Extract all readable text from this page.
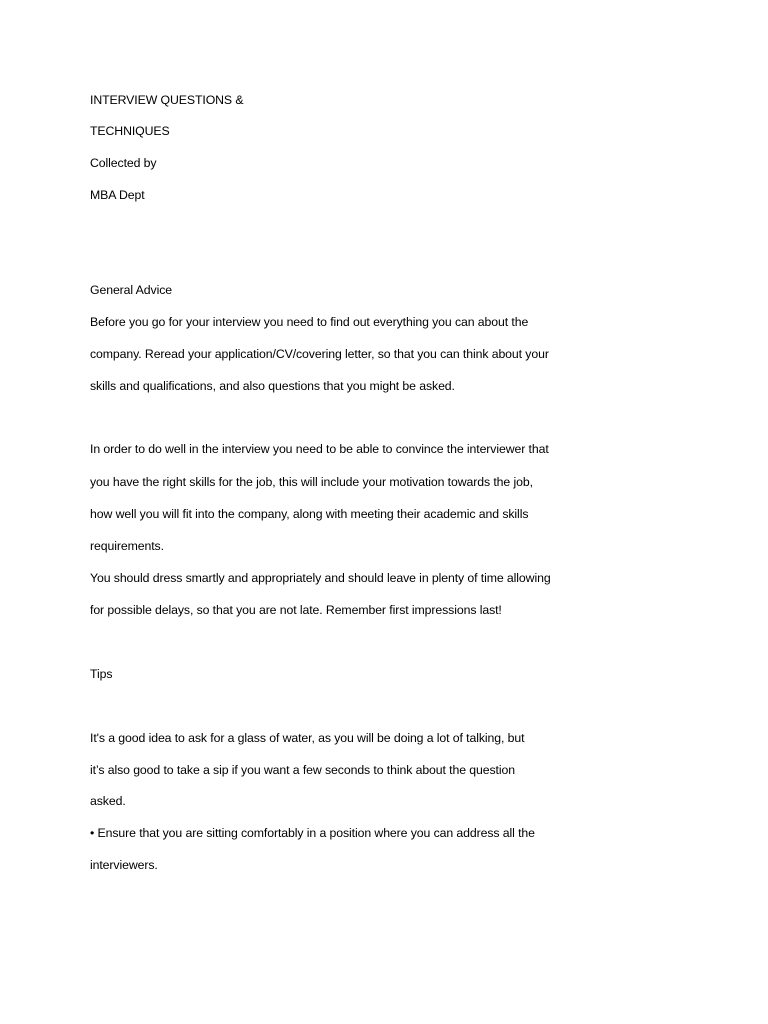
INTERVIEW QUESTIONS &
TECHNIQUES
Collected by
MBA Dept
General Advice
Before you go for your interview you need to find out everything you can about the
company. Reread your application/CV/covering letter, so that you can think about your
skills and qualifications, and also questions that you might be asked.
In order to do well in the interview you need to be able to convince the interviewer that
you have the right skills for the job, this will include your motivation towards the job,
how well you will fit into the company, along with meeting their academic and skills
requirements.
You should dress smartly and appropriately and should leave in plenty of time allowing
for possible delays, so that you are not late. Remember first impressions last!
Tips
It's a good idea to ask for a glass of water, as you will be doing a lot of talking, but
it’s also good to take a sip if you want a few seconds to think about the question
asked.
• Ensure that you are sitting comfortably in a position where you can address all the
interviewers.
